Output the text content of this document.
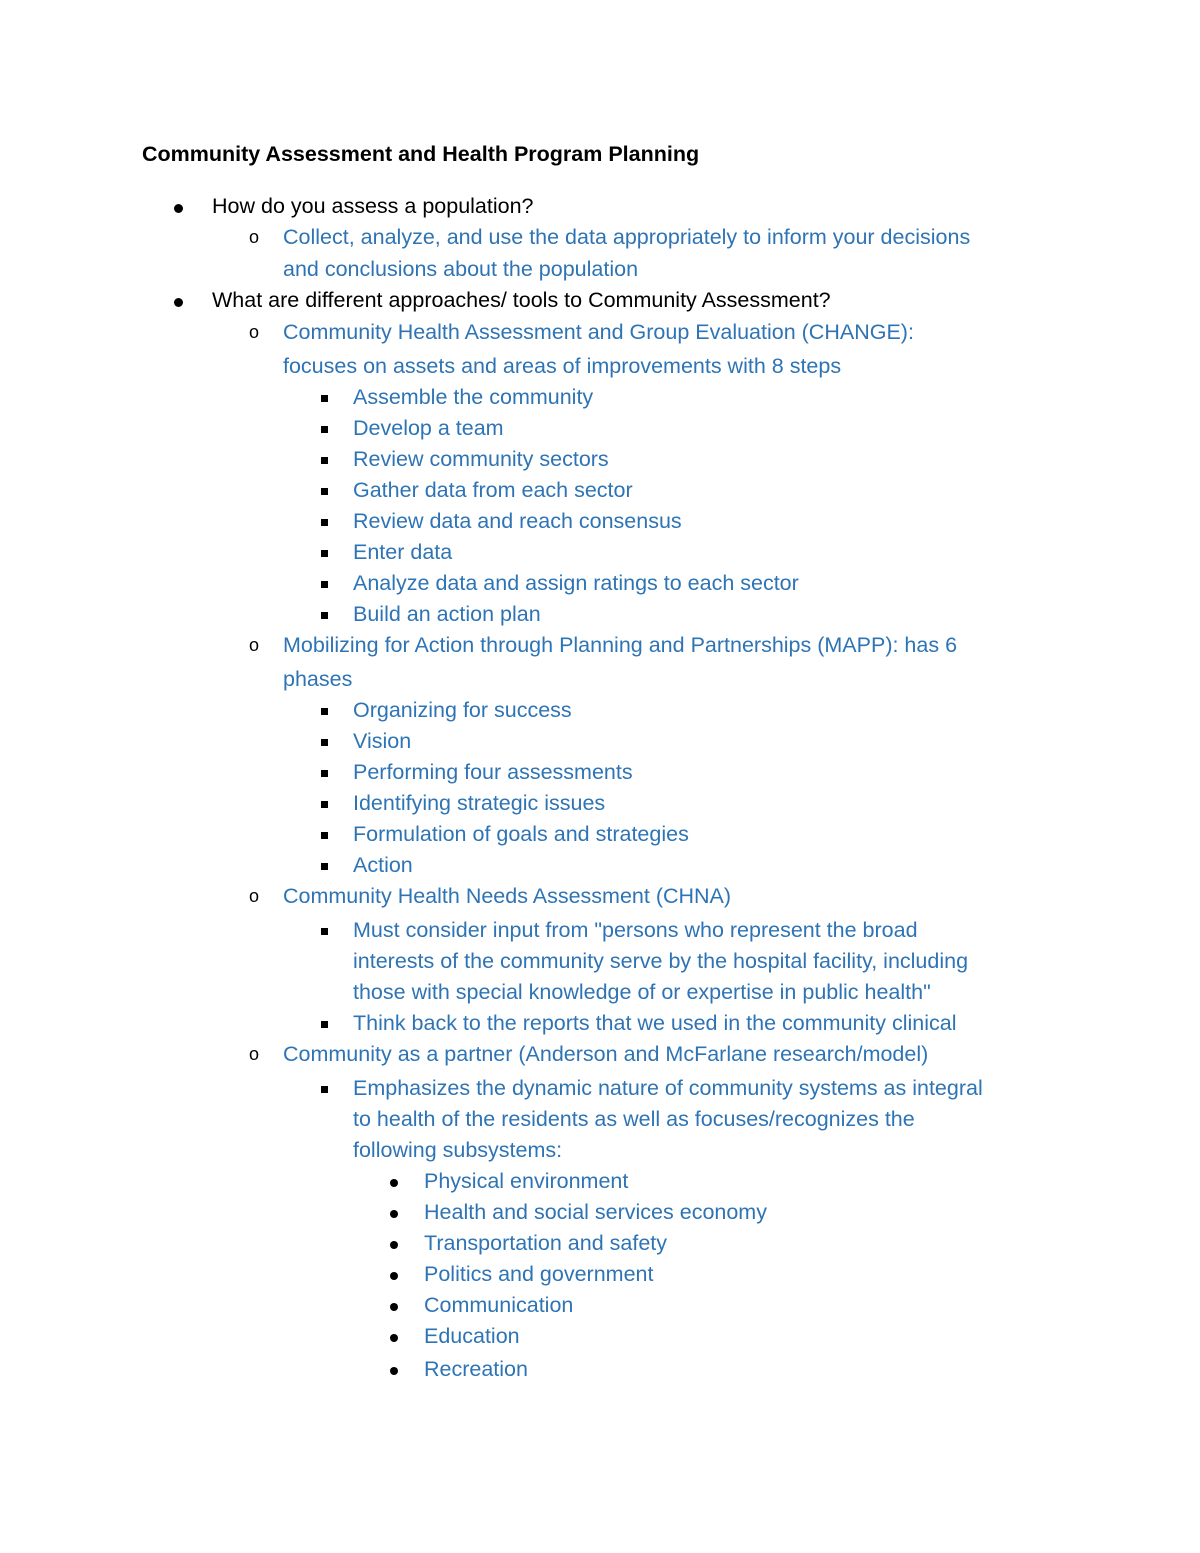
Community Assessment and Health Program Planning
How do you assess a population?
o	Collect, analyze, and use the data appropriately to inform your decisions
and conclusions about the population
What are different approaches/ tools to Community Assessment?
o	Community Health Assessment and Group Evaluation (CHANGE):
focuses on assets and areas of improvements with 8 steps
Assemble the community
Develop a team
Review community sectors
Gather data from each sector
Review data and reach consensus
Enter data
Analyze data and assign ratings to each sector
Build an action plan
o	Mobilizing for Action through Planning and Partnerships (MAPP): has 6
phases
Organizing for success
Vision
Performing four assessments
Identifying strategic issues
Formulation of goals and strategies
Action
o	Community Health Needs Assessment (CHNA)
Must consider input from "persons who represent the broad
interests of the community serve by the hospital facility, including
those with special knowledge of or expertise in public health"
Think back to the reports that we used in the community clinical
o	Community as a partner (Anderson and McFarlane research/model)
Emphasizes the dynamic nature of community systems as integral
to health of the residents as well as focuses/recognizes the
following subsystems:
Physical environment
Health and social services economy
Transportation and safety
Politics and government
Communication
Education
Recreation
